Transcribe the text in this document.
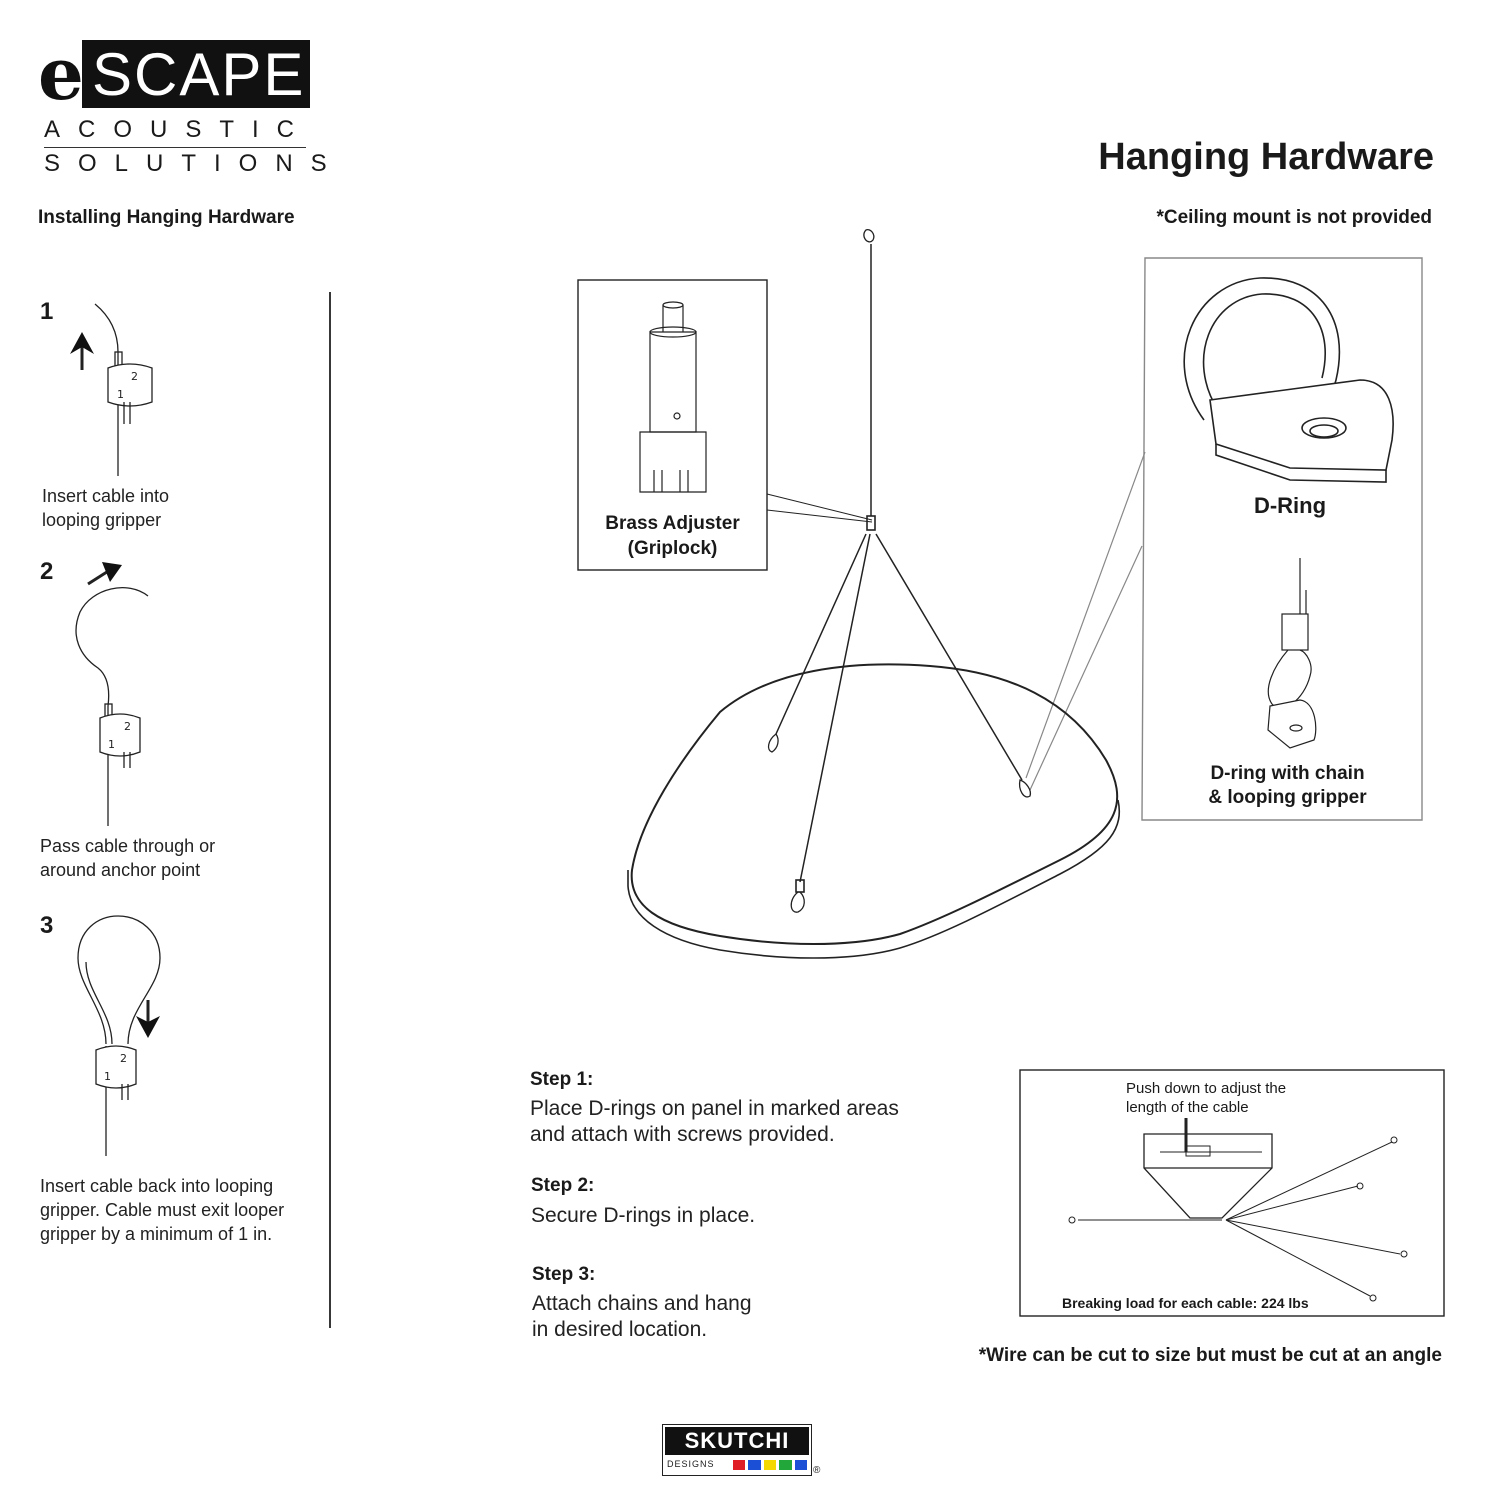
e SCAPE
ACOUSTIC
SOLUTIONS	Hanging Hardware
Installing Hanging Hardware	*Ceiling mount is not provided
1
Insert cable into
looping gripper
2
Pass cable through or
around anchor point
3
Insert cable back into looping
gripper. Cable must exit looper
gripper by a minimum of 1 in.
1
2
1
2
1
2
Brass Adjuster
(Griplock)
D-Ring
D-ring with chain
& looping gripper
Step 1:
Place D-rings on panel in marked areas
and attach with screws provided.
Step 2:
Secure D-rings in place.
Step 3:
Attach chains and hang
in desired location.
Push down to adjust the
length of the cable
Breaking load for each cable: 224 lbs
*Wire can be cut to size but must be cut at an angle
SKUTCHI
DESIGNS
®
